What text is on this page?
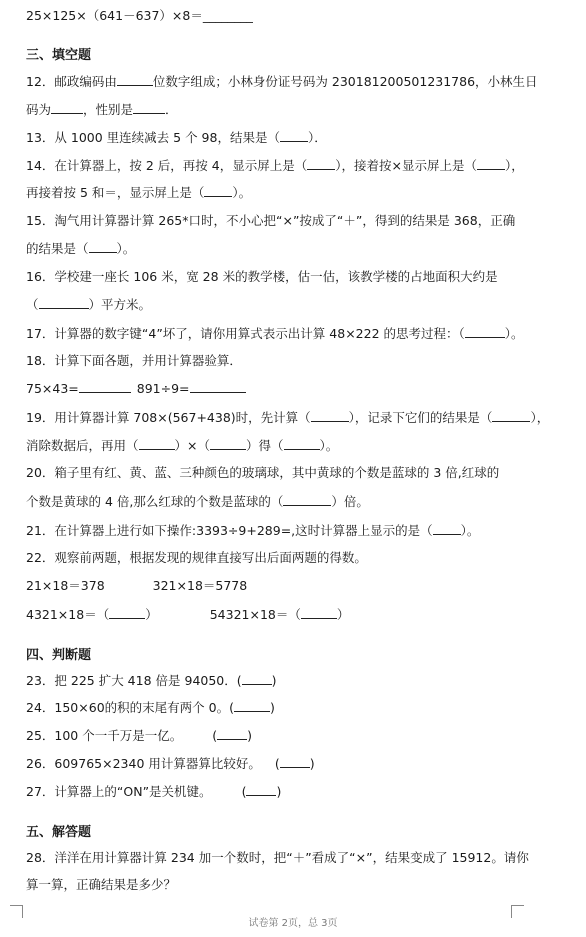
25×125×（641－637）×8＝________
三、填空题
12．邮政编码由	位数字组成；小林身份证号码为 230181200501231786，小林生日
码为	，性别是	．
13．从 1000 里连续减去 5 个 98，结果是（ ）．
14．在计算器上，按 2 后，再按 4，显示屏上是（ ），接着按×显示屏上是（ ），
再接着按 5 和＝，显示屏上是（ ）。
15．淘气用计算器计算 265*口时，不小心把“×”按成了“＋”，得到的结果是 368，正确
的结果是（ ）。
16．学校建一座长 106 米，宽 28 米的教学楼，估一估，该教学楼的占地面积大约是
（	）平方米。
17．计算器的数字键“4”坏了，请你用算式表示出计算 48×222 的思考过程：（	）。
18．计算下面各题，并用计算器验算．
75×43=	891÷9=
19．用计算器计算 708×(567+438)时，先计算（	），记录下它们的结果是（	），
消除数据后，再用（	）×（	）得（	）。
20．箱子里有红、黄、蓝、三种颜色的玻璃球，其中黄球的个数是蓝球的 3 倍,红球的
个数是黄球的 4 倍,那么红球的个数是蓝球的（	）倍。
21．在计算器上进行如下操作:3393÷9+289=,这时计算器上显示的是（ ）。
22．观察前两题，根据发现的规律直接写出后面两题的得数。
21×18＝378	321×18＝5778
4321×18＝（	）	54321×18＝（	）
四、判断题
23．把 225 扩大 418 倍是 94050．( )
24．150×60的积的末尾有两个 0。(	)
25．100 个一千万是一亿。 ( )
26．609765×2340 用计算器算比较好。 ( )
27．计算器上的“ON”是关机键。 ( )
五、解答题
28．洋洋在用计算器计算 234 加一个数时，把“＋”看成了“×”，结果变成了 15912。请你
算一算，正确结果是多少？
试卷第 2页，总 3页
